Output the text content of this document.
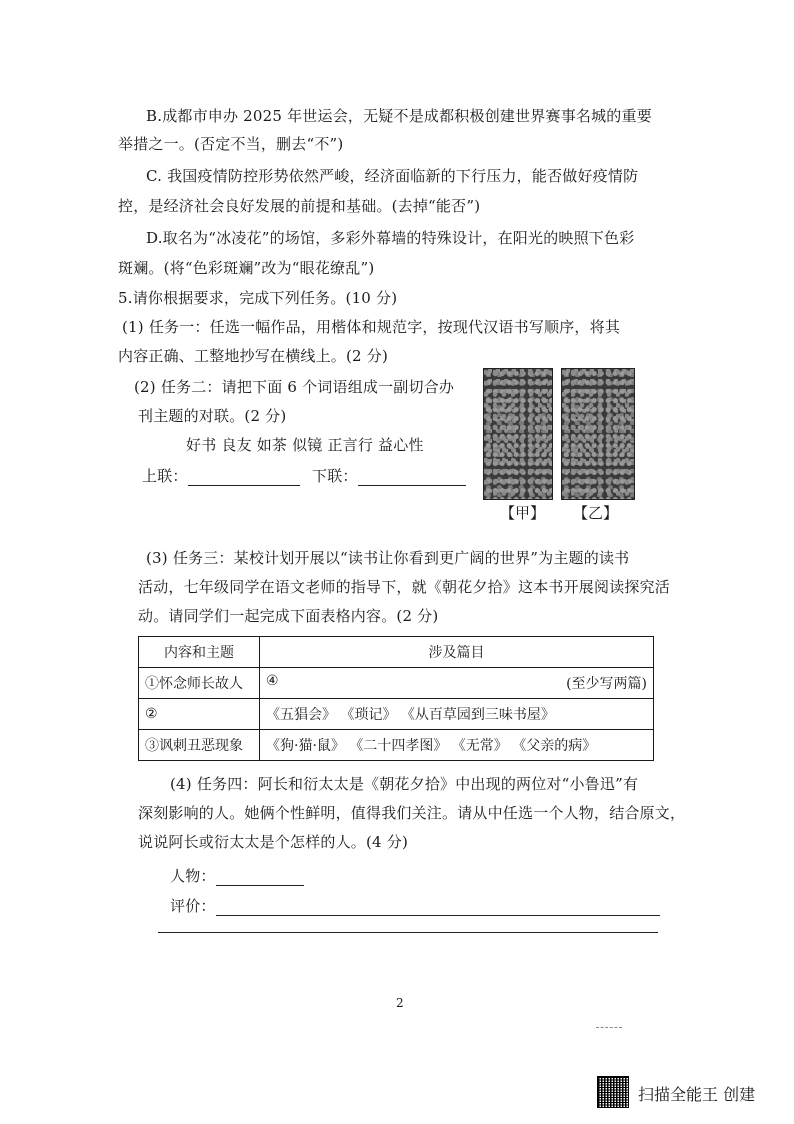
B.成都市申办 2025 年世运会，无疑不是成都积极创建世界赛事名城的重要
举措之一。(否定不当，删去“不”)
C. 我国疫情防控形势依然严峻，经济面临新的下行压力，能否做好疫情防
控，是经济社会良好发展的前提和基础。(去掉“能否”)
D.取名为“冰凌花”的场馆，多彩外幕墙的特殊设计，在阳光的映照下色彩
斑斓。(将“色彩斑斓”改为“眼花缭乱”)
5.请你根据要求，完成下列任务。(10 分)
(1) 任务一：任选一幅作品，用楷体和规范字，按现代汉语书写顺序，将其
内容正确、工整地抄写在横线上。(2 分)
(2) 任务二：请把下面 6 个词语组成一副切合办
刊主题的对联。(2 分)
好书 良友 如茶 似镜 正言行 益心性
上联：	下联：
【甲】 【乙】
(3) 任务三：某校计划开展以“读书让你看到更广阔的世界”为主题的读书
活动，七年级同学在语文老师的指导下，就《朝花夕拾》这本书开展阅读探究活
动。请同学们一起完成下面表格内容。(2 分)
内容和主题	涉及篇目
①怀念师长故人	④ (至少写两篇)

②	《五猖会》 《琐记》 《从百草园到三味书屋》
③讽刺丑恶现象	《狗·猫·鼠》 《二十四孝图》 《无常》 《父亲的病》
(4) 任务四：阿长和衍太太是《朝花夕拾》中出现的两位对“小鲁迅”有
深刻影响的人。她俩个性鲜明，值得我们关注。请从中任选一个人物，结合原文，
说说阿长或衍太太是个怎样的人。(4 分)
人物：
评价：
2
扫描全能王 创建
